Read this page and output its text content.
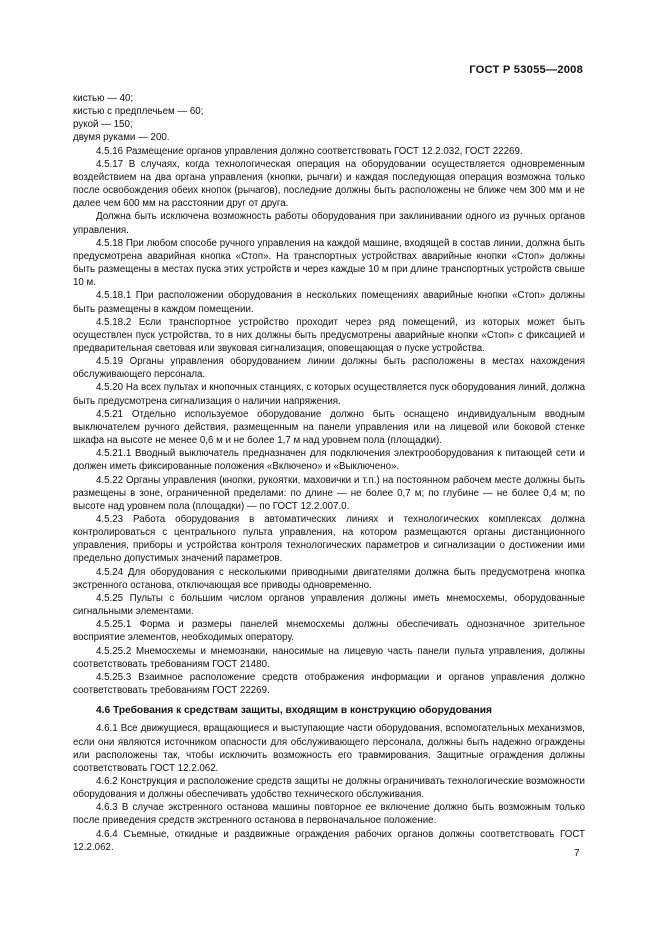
ГОСТ Р 53055—2008

кистью — 40;

кистью с предплечьем — 60;

рукой — 150;

двумя руками — 200.

4.5.16 Размещение органов управления должно соответствовать ГОСТ 12.2.032, ГОСТ 22269.

4.5.17 В случаях, когда технологическая операция на оборудовании осуществляется одновременным воздействием на два органа управления (кнопки, рычаги) и каждая последующая операция возможна только после освобождения обеих кнопок (рычагов), последние должны быть расположены не ближе чем 300 мм и не далее чем 600 мм на расстоянии друг от друга.

Должна быть исключена возможность работы оборудования при заклинивании одного из ручных органов управления.

4.5.18 При любом способе ручного управления на каждой машине, входящей в состав линии, должна быть предусмотрена аварийная кнопка «Стоп». На транспортных устройствах аварийные кнопки «Стоп» должны быть размещены в местах пуска этих устройств и через каждые 10 м при длине транспортных устройств свыше 10 м.

4.5.18.1 При расположении оборудования в нескольких помещениях аварийные кнопки «Стоп» должны быть размещены в каждом помещении.

4.5.18.2 Если транспортное устройство проходит через ряд помещений, из которых может быть осуществлен пуск устройства, то в них должны быть предусмотрены аварийные кнопки «Стоп» с фиксацией и предварительная световая или звуковая сигнализация, оповещающая о пуске устройства.

4.5.19 Органы управления оборудованием линии должны быть расположены в местах нахождения обслуживающего персонала.

4.5.20 На всех пультах и кнопочных станциях, с которых осуществляется пуск оборудования линий, должна быть предусмотрена сигнализация о наличии напряжения.

4.5.21 Отдельно используемое оборудование должно быть оснащено индивидуальным вводным выключателем ручного действия, размещенным на панели управления или на лицевой или боковой стенке шкафа на высоте не менее 0,6 м и не более 1,7 м над уровнем пола (площадки).

4.5.21.1 Вводный выключатель предназначен для подключения электрооборудования к питающей сети и должен иметь фиксированные положения «Включено» и «Выключено».

4.5.22 Органы управления (кнопки, рукоятки, маховички и т.п.) на постоянном рабочем месте должны быть размещены в зоне, ограниченной пределами: по длине — не более 0,7 м; по глубине — не более 0,4 м; по высоте над уровнем пола (площадки) — по ГОСТ 12.2.007.0.

4.5.23 Работа оборудования в автоматических линиях и технологических комплексах должна контролироваться с центрального пульта управления, на котором размещаются органы дистанционного управления, приборы и устройства контроля технологических параметров и сигнализации о достижении ими предельно допустимых значений параметров.

4.5.24 Для оборудования с несколькими приводными двигателями должна быть предусмотрена кнопка экстренного останова, отключающая все приводы одновременно.

4.5.25 Пульты с большим числом органов управления должны иметь мнемосхемы, оборудованные сигнальными элементами.

4.5.25.1 Форма и размеры панелей мнемосхемы должны обеспечивать однозначное зрительное восприятие элементов, необходимых оператору.

4.5.25.2 Мнемосхемы и мнемознаки, наносимые на лицевую часть панели пульта управления, должны соответствовать требованиям ГОСТ 21480.

4.5.25.3 Взаимное расположение средств отображения информации и органов управления должно соответствовать требованиям ГОСТ 22269.

4.6 Требования к средствам защиты, входящим в конструкцию оборудования

4.6.1 Все движущиеся, вращающиеся и выступающие части оборудования, вспомогательных механизмов, если они являются источником опасности для обслуживающего персонала, должны быть надежно ограждены или расположены так, чтобы исключить возможность его травмирования. Защитные ограждения должны соответствовать ГОСТ 12.2.062.

4.6.2 Конструкция и расположение средств защиты не должны ограничивать технологические возможности оборудования и должны обеспечивать удобство технического обслуживания.

4.6.3 В случае экстренного останова машины повторное ее включение должно быть возможным только после приведения средств экстренного останова в первоначальное положение.

4.6.4 Съемные, откидные и раздвижные ограждения рабочих органов должны соответствовать ГОСТ 12.2.062.

7
